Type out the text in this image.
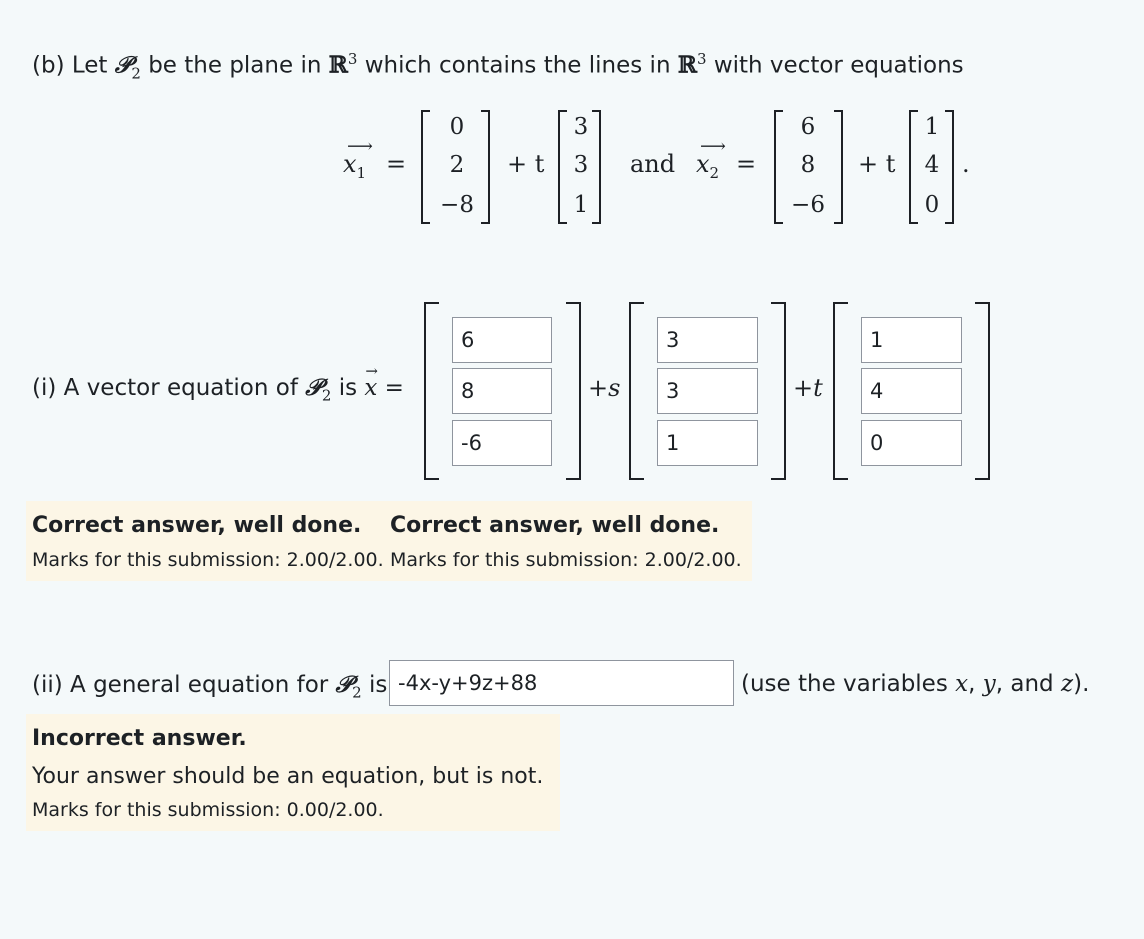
(b) Let 𝒫$_2$ be the plane in ℝ$^3$ which contains the lines in ℝ$^3$ with vector equations
⟶
$x_1$ =
0
2
−8
+ t
3
3
1
and
⟶
$x_2$ =
6
8
−6
+ t
1
4
0
.
(i) A vector equation of 𝒫$_2$ is
→
x =
6
8
-6	+s
3
3
1	+t
1
4
0
Correct answer, well done.
Marks for this submission: 2.00/2.00.
Correct answer, well done.
Marks for this submission: 2.00/2.00.
(ii) A general equation for 𝒫$_2$ is
-4x-y+9z+88	(use the variables x, y, and z).
Incorrect answer.
Your answer should be an equation, but is not.
Marks for this submission: 0.00/2.00.
